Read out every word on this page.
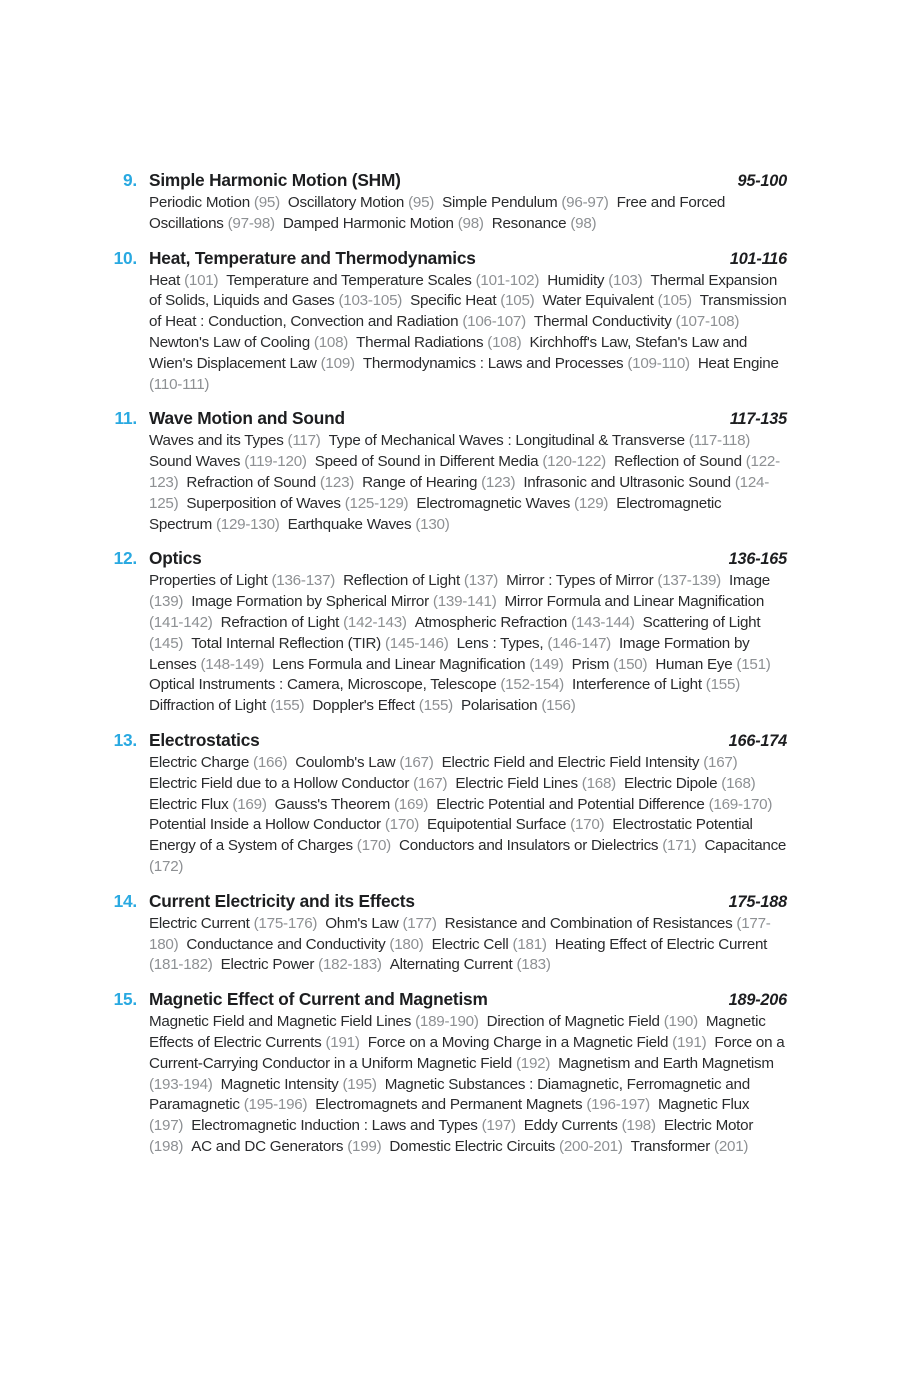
9. Simple Harmonic Motion (SHM)	95-100
Periodic Motion (95) Oscillatory Motion (95) Simple Pendulum (96-97) Free and Forced Oscillations (97-98) Damped Harmonic Motion (98) Resonance (98)
10. Heat, Temperature and Thermodynamics	101-116
Heat (101) Temperature and Temperature Scales (101-102) Humidity (103) Thermal Expansion of Solids, Liquids and Gases (103-105) Specific Heat (105) Water Equivalent (105) Transmission of Heat : Conduction, Convection and Radiation (106-107) Thermal Conductivity (107-108)Newton's Law of Cooling (108) Thermal Radiations (108) Kirchhoff's Law, Stefan's Law and Wien's Displacement Law (109) Thermodynamics : Laws and Processes (109-110) Heat Engine (110-111)
11. Wave Motion and Sound	117-135
Waves and its Types (117) Type of Mechanical Waves : Longitudinal & Transverse (117-118)Sound Waves (119-120) Speed of Sound in Different Media (120-122) Reflection of Sound (122-123) Refraction of Sound (123) Range of Hearing (123) Infrasonic and Ultrasonic Sound (124-125) Superposition of Waves (125-129) Electromagnetic Waves (129) Electromagnetic Spectrum (129-130) Earthquake Waves (130)
12. Optics	136-165
Properties of Light (136-137) Reflection of Light (137) Mirror : Types of Mirror (137-139) Image (139) Image Formation by Spherical Mirror (139-141) Mirror Formula and Linear Magnification (141-142) Refraction of Light (142-143) Atmospheric Refraction (143-144) Scattering of Light (145) Total Internal Reflection (TIR) (145-146) Lens : Types, (146-147) Image Formation by Lenses (148-149) Lens Formula and Linear Magnification (149) Prism (150) Human Eye (151)Optical Instruments : Camera, Microscope, Telescope (152-154) Interference of Light (155)Diffraction of Light (155) Doppler's Effect (155) Polarisation (156)
13. Electrostatics	166-174
Electric Charge (166) Coulomb's Law (167) Electric Field and Electric Field Intensity (167)Electric Field due to a Hollow Conductor (167) Electric Field Lines (168) Electric Dipole (168)Electric Flux (169) Gauss's Theorem (169) Electric Potential and Potential Difference (169-170)Potential Inside a Hollow Conductor (170) Equipotential Surface (170) Electrostatic Potential Energy of a System of Charges (170) Conductors and Insulators or Dielectrics (171) Capacitance (172)
14. Current Electricity and its Effects	175-188
Electric Current (175-176) Ohm's Law (177) Resistance and Combination of Resistances (177-180) Conductance and Conductivity (180) Electric Cell (181) Heating Effect of Electric Current (181-182) Electric Power (182-183) Alternating Current (183)
15. Magnetic Effect of Current and Magnetism	189-206
Magnetic Field and Magnetic Field Lines (189-190) Direction of Magnetic Field (190) Magnetic Effects of Electric Currents (191) Force on a Moving Charge in a Magnetic Field (191) Force on a Current-Carrying Conductor in a Uniform Magnetic Field (192) Magnetism and Earth Magnetism (193-194) Magnetic Intensity (195) Magnetic Substances : Diamagnetic, Ferromagnetic and Paramagnetic (195-196) Electromagnets and Permanent Magnets (196-197) Magnetic Flux (197) Electromagnetic Induction : Laws and Types (197) Eddy Currents (198) Electric Motor (198) AC and DC Generators (199) Domestic Electric Circuits (200-201) Transformer (201)
